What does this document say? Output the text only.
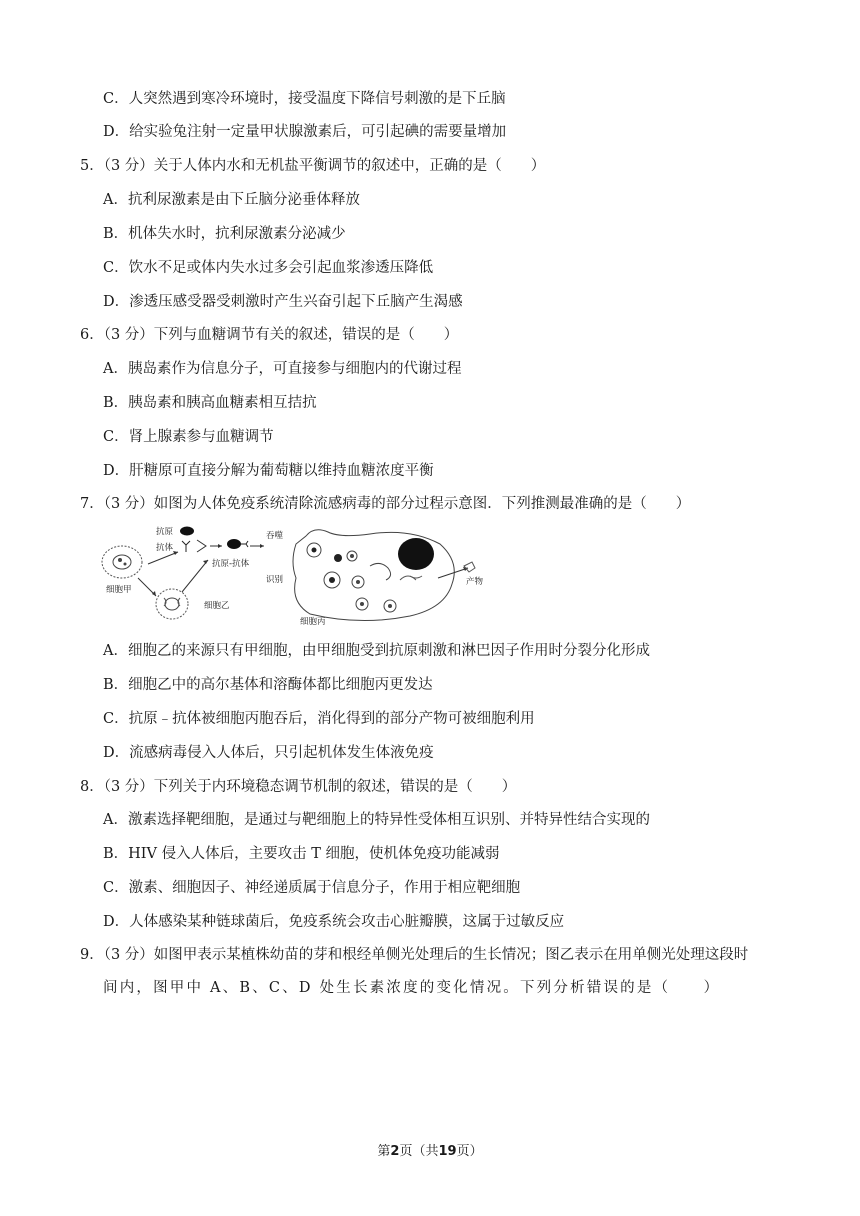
C．人突然遇到寒冷环境时，接受温度下降信号刺激的是下丘脑
D．给实验兔注射一定量甲状腺激素后，可引起碘的需要量增加
5．（3 分）关于人体内水和无机盐平衡调节的叙述中，正确的是（　　）
A．抗利尿激素是由下丘脑分泌垂体释放
B．机体失水时，抗利尿激素分泌减少
C．饮水不足或体内失水过多会引起血浆渗透压降低
D．渗透压感受器受刺激时产生兴奋引起下丘脑产生渴感
6．（3 分）下列与血糖调节有关的叙述，错误的是（　　）
A．胰岛素作为信息分子，可直接参与细胞内的代谢过程
B．胰岛素和胰高血糖素相互拮抗
C．肾上腺素参与血糖调节
D．肝糖原可直接分解为葡萄糖以维持血糖浓度平衡
7．（3 分）如图为人体免疫系统清除流感病毒的部分过程示意图．下列推测最准确的是（　　）
细胞甲
抗原
抗体
抗原-抗体
细胞乙
吞噬
识别	产物
细胞丙
A．细胞乙的来源只有甲细胞，由甲细胞受到抗原刺激和淋巴因子作用时分裂分化形成
B．细胞乙中的高尔基体和溶酶体都比细胞丙更发达
C．抗原﹣抗体被细胞丙胞吞后，消化得到的部分产物可被细胞利用
D．流感病毒侵入人体后，只引起机体发生体液免疫
8．（3 分）下列关于内环境稳态调节机制的叙述，错误的是（　　）
A．激素选择靶细胞，是通过与靶细胞上的特异性受体相互识别、并特异性结合实现的
B．HIV 侵入人体后，主要攻击 T 细胞，使机体免疫功能减弱
C．激素、细胞因子、神经递质属于信息分子，作用于相应靶细胞
D．人体感染某种链球菌后，免疫系统会攻击心脏瓣膜，这属于过敏反应
9．（3 分）如图甲表示某植株幼苗的芽和根经单侧光处理后的生长情况；图乙表示在用单侧光处理这段时
间内，图甲中 A、B、C、D 处生长素浓度的变化情况。下列分析错误的是（　　）
第2页（共19页）
